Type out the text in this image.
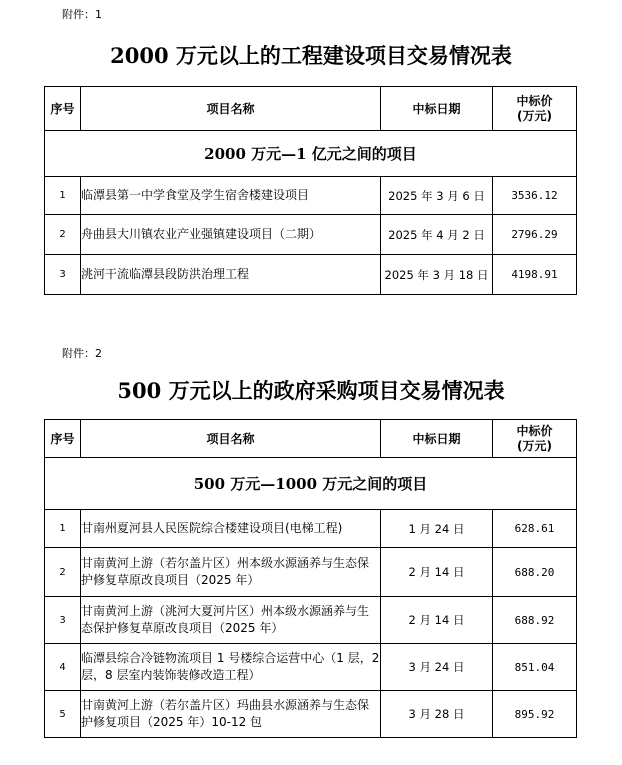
附件：1
2000 万元以上的工程建设项目交易情况表
序号	项目名称	中标日期	中标价
(万元)

2000 万元—1 亿元之间的项目			
1	临潭县第一中学食堂及学生宿舍楼建设项目	2025 年 3 月 6 日	3536.12
2	舟曲县大川镇农业产业强镇建设项目（二期）	2025 年 4 月 2 日	2796.29
3	洮河干流临潭县段防洪治理工程	2025 年 3 月 18 日	4198.91
附件：2
500 万元以上的政府采购项目交易情况表
序号	项目名称	中标日期	中标价
(万元)

500 万元—1000 万元之间的项目			
1	甘南州夏河县人民医院综合楼建设项目(电梯工程)	1 月 24 日	628.61
2	甘南黄河上游（若尔盖片区）州本级水源涵养与生态保护修复草原改良项目（2025 年）	2 月 14 日	688.20
3	甘南黄河上游（洮河大夏河片区）州本级水源涵养与生态保护修复草原改良项目（2025 年）	2 月 14 日	688.92
4	临潭县综合冷链物流项目 1 号楼综合运营中心（1 层，2 层，8 层室内装饰装修改造工程）	3 月 24 日	851.04
5	甘南黄河上游（若尔盖片区）玛曲县水源涵养与生态保护修复项目（2025 年）10-12 包	3 月 28 日	895.92
